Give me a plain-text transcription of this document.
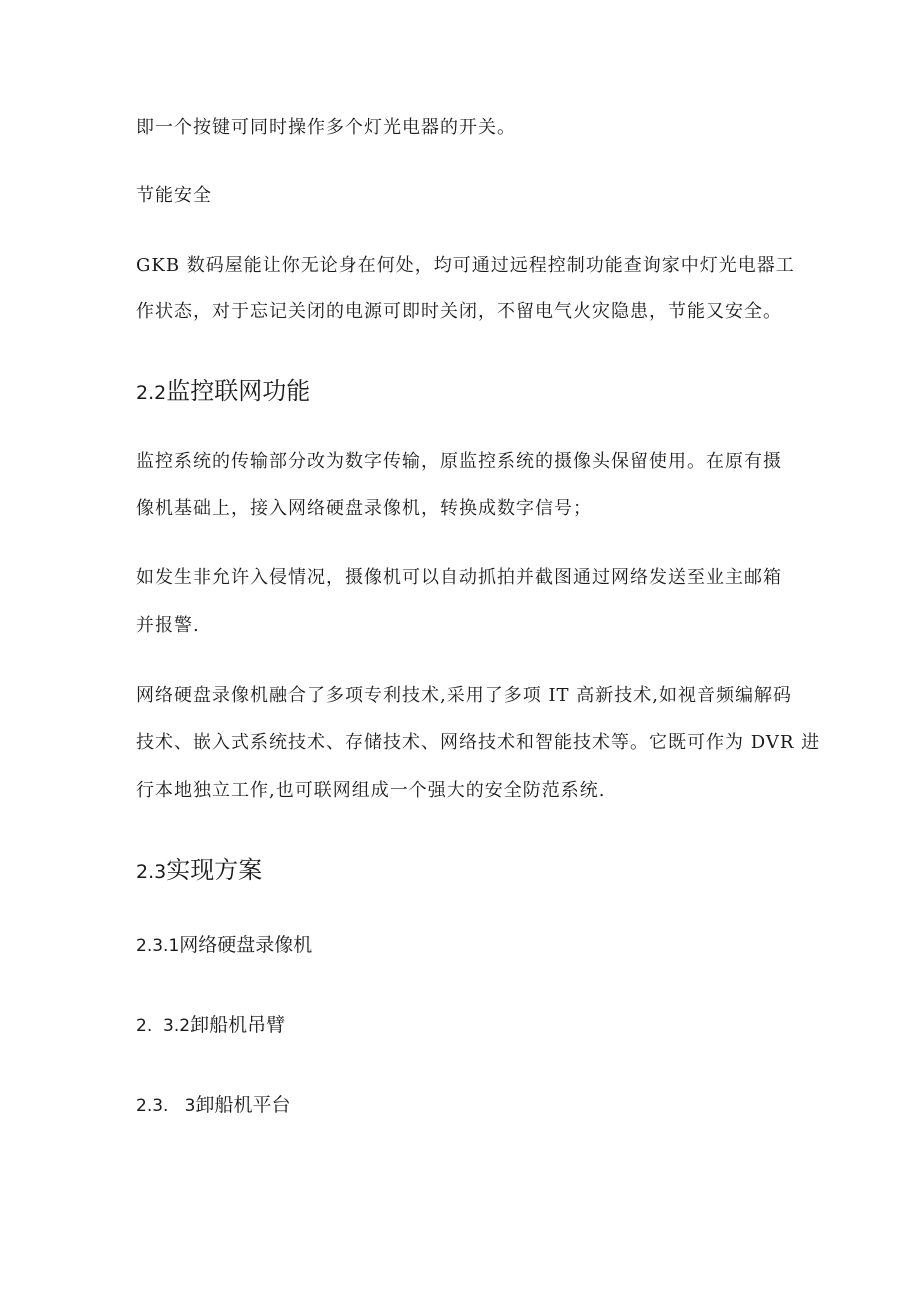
即一个按键可同时操作多个灯光电器的开关。

节能安全

GKB 数码屋能让你无论身在何处，均可通过远程控制功能查询家中灯光电器工

作状态，对于忘记关闭的电源可即时关闭，不留电气火灾隐患，节能又安全。

2.2监控联网功能

监控系统的传输部分改为数字传输，原监控系统的摄像头保留使用。在原有摄

像机基础上，接入网络硬盘录像机，转换成数字信号；

如发生非允许入侵情况，摄像机可以自动抓拍并截图通过网络发送至业主邮箱

并报警.

网络硬盘录像机融合了多项专利技术,采用了多项 IT 高新技术,如视音频编解码

技术、嵌入式系统技术、存储技术、网络技术和智能技术等。它既可作为 DVR 进

行本地独立工作,也可联网组成一个强大的安全防范系统.

2.3实现方案
2.3.1网络硬盘录像机
2.  3.2卸船机吊臂
2.3.   3卸船机平台
